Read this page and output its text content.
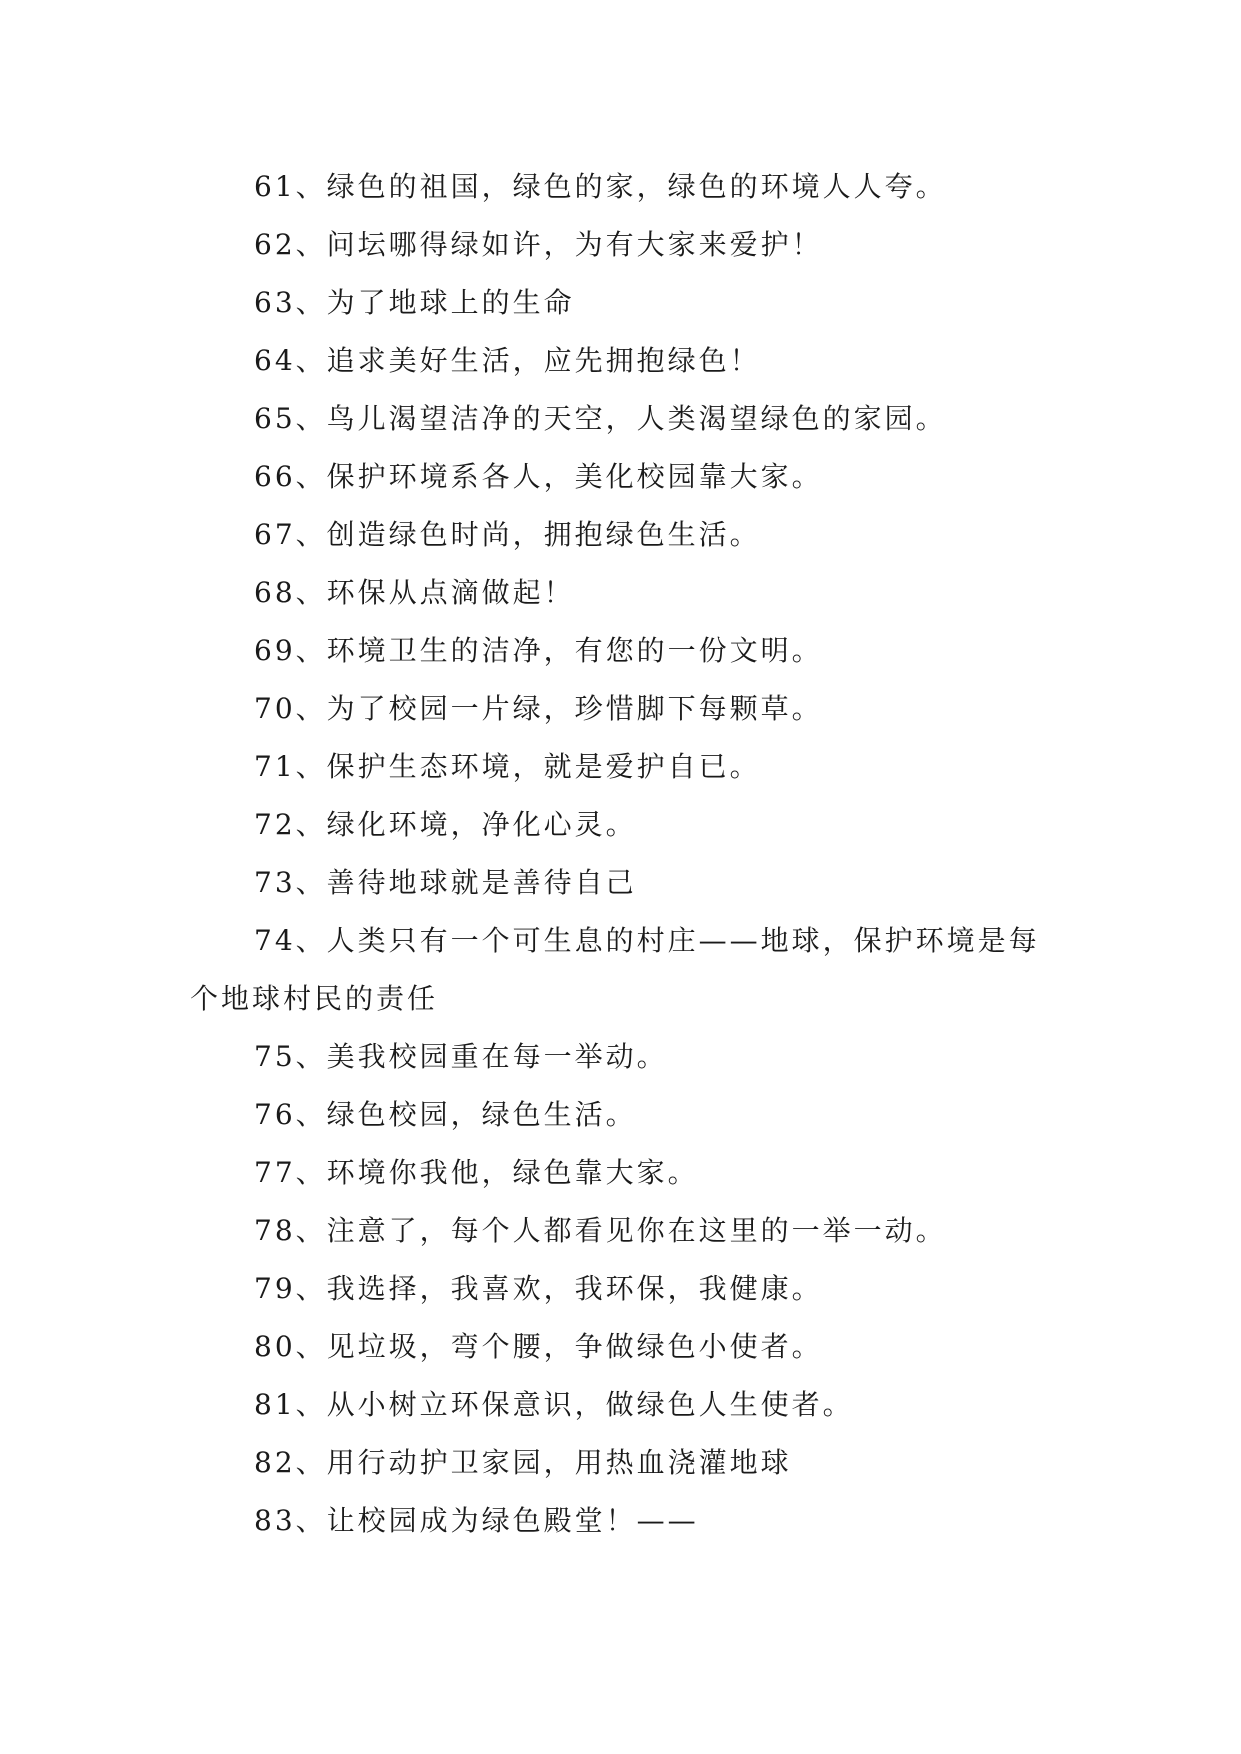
61、绿色的祖国，绿色的家，绿色的环境人人夸。
62、问坛哪得绿如许，为有大家来爱护！
63、为了地球上的生命
64、追求美好生活，应先拥抱绿色！
65、鸟儿渴望洁净的天空，人类渴望绿色的家园。
66、保护环境系各人，美化校园靠大家。
67、创造绿色时尚，拥抱绿色生活。
68、环保从点滴做起！
69、环境卫生的洁净，有您的一份文明。
70、为了校园一片绿，珍惜脚下每颗草。
71、保护生态环境，就是爱护自已。
72、绿化环境，净化心灵。
73、善待地球就是善待自己
74、人类只有一个可生息的村庄——地球，保护环境是每个地球村民的责任
75、美我校园重在每一举动。
76、绿色校园，绿色生活。
77、环境你我他，绿色靠大家。
78、注意了，每个人都看见你在这里的一举一动。
79、我选择，我喜欢，我环保，我健康。
80、见垃圾，弯个腰，争做绿色小使者。
81、从小树立环保意识，做绿色人生使者。
82、用行动护卫家园，用热血浇灌地球
83、让校园成为绿色殿堂！——
